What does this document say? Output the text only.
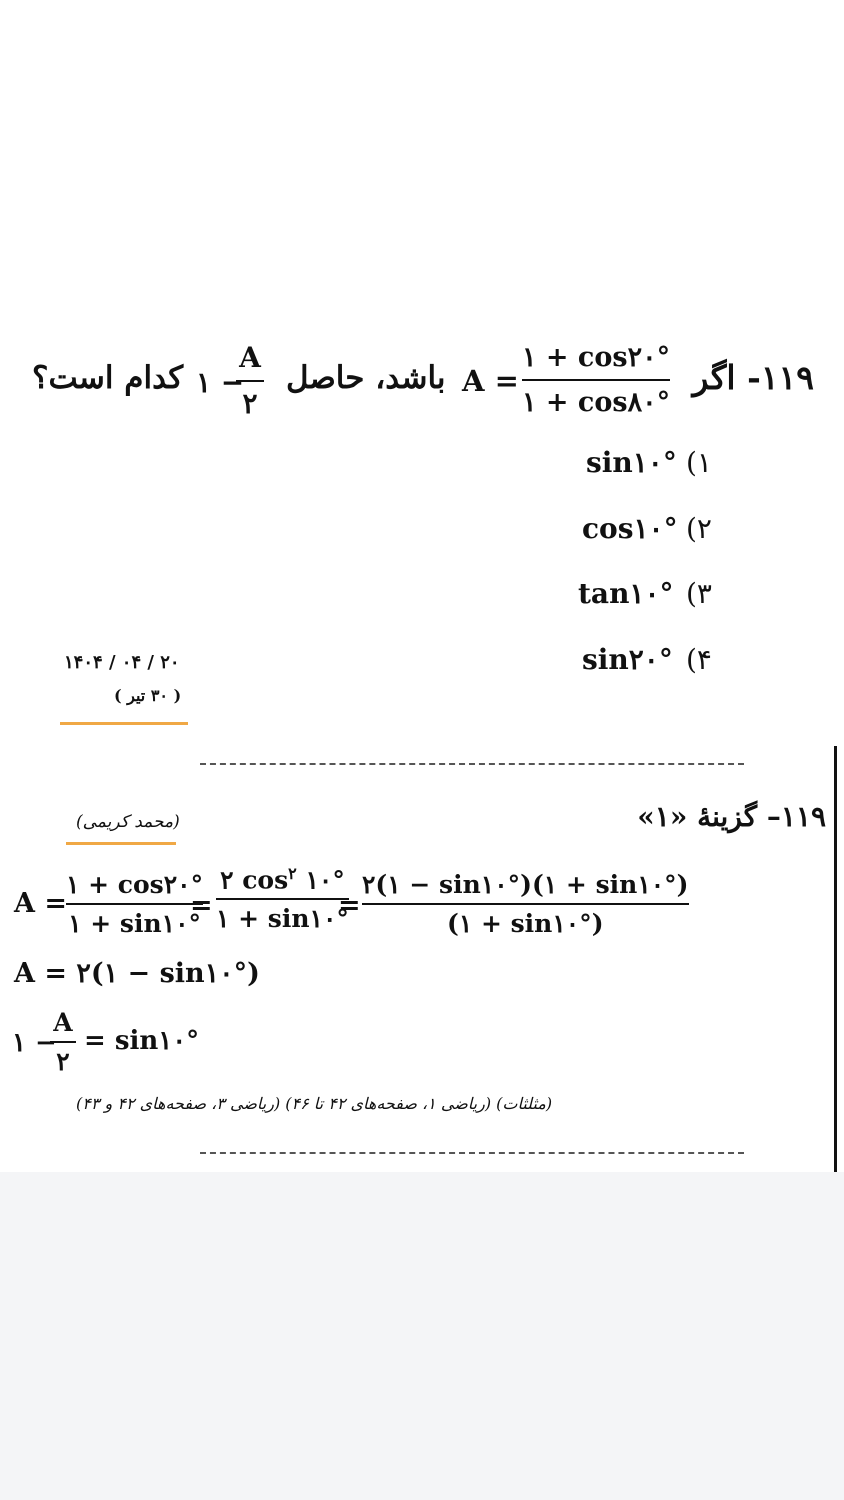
۱۱۹- اگر
۱ + cos۲۰°
۱ + cos۸۰°
A =
باشد، حاصل
A
۲
۱ −
کدام است؟
sin۱۰° (۱
cos۱۰° (۲
tan۱۰° (۳
sin۲۰° (۴
۱۴۰۴ / ۰۴ / ۲۰
( ۳۰ تیر )
۱۱۹– گزینهٔ «۱»
(محمد کریمی)
A =
۱ + cos۲۰°
۱ + sin۱۰°
=
۲ $\cos^۲$ ۱۰°
۱ + sin۱۰°
=
۲(۱ − sin۱۰°)(۱ + sin۱۰°)
(۱ + sin۱۰°)
A = ۲(۱ − sin۱۰°)
۱ −
A
۲
= sin۱۰°
(مثلثات) (ریاضی ۱، صفحه‌های ۴۲ تا ۴۶) (ریاضی ۳، صفحه‌های ۴۲ و ۴۳)
